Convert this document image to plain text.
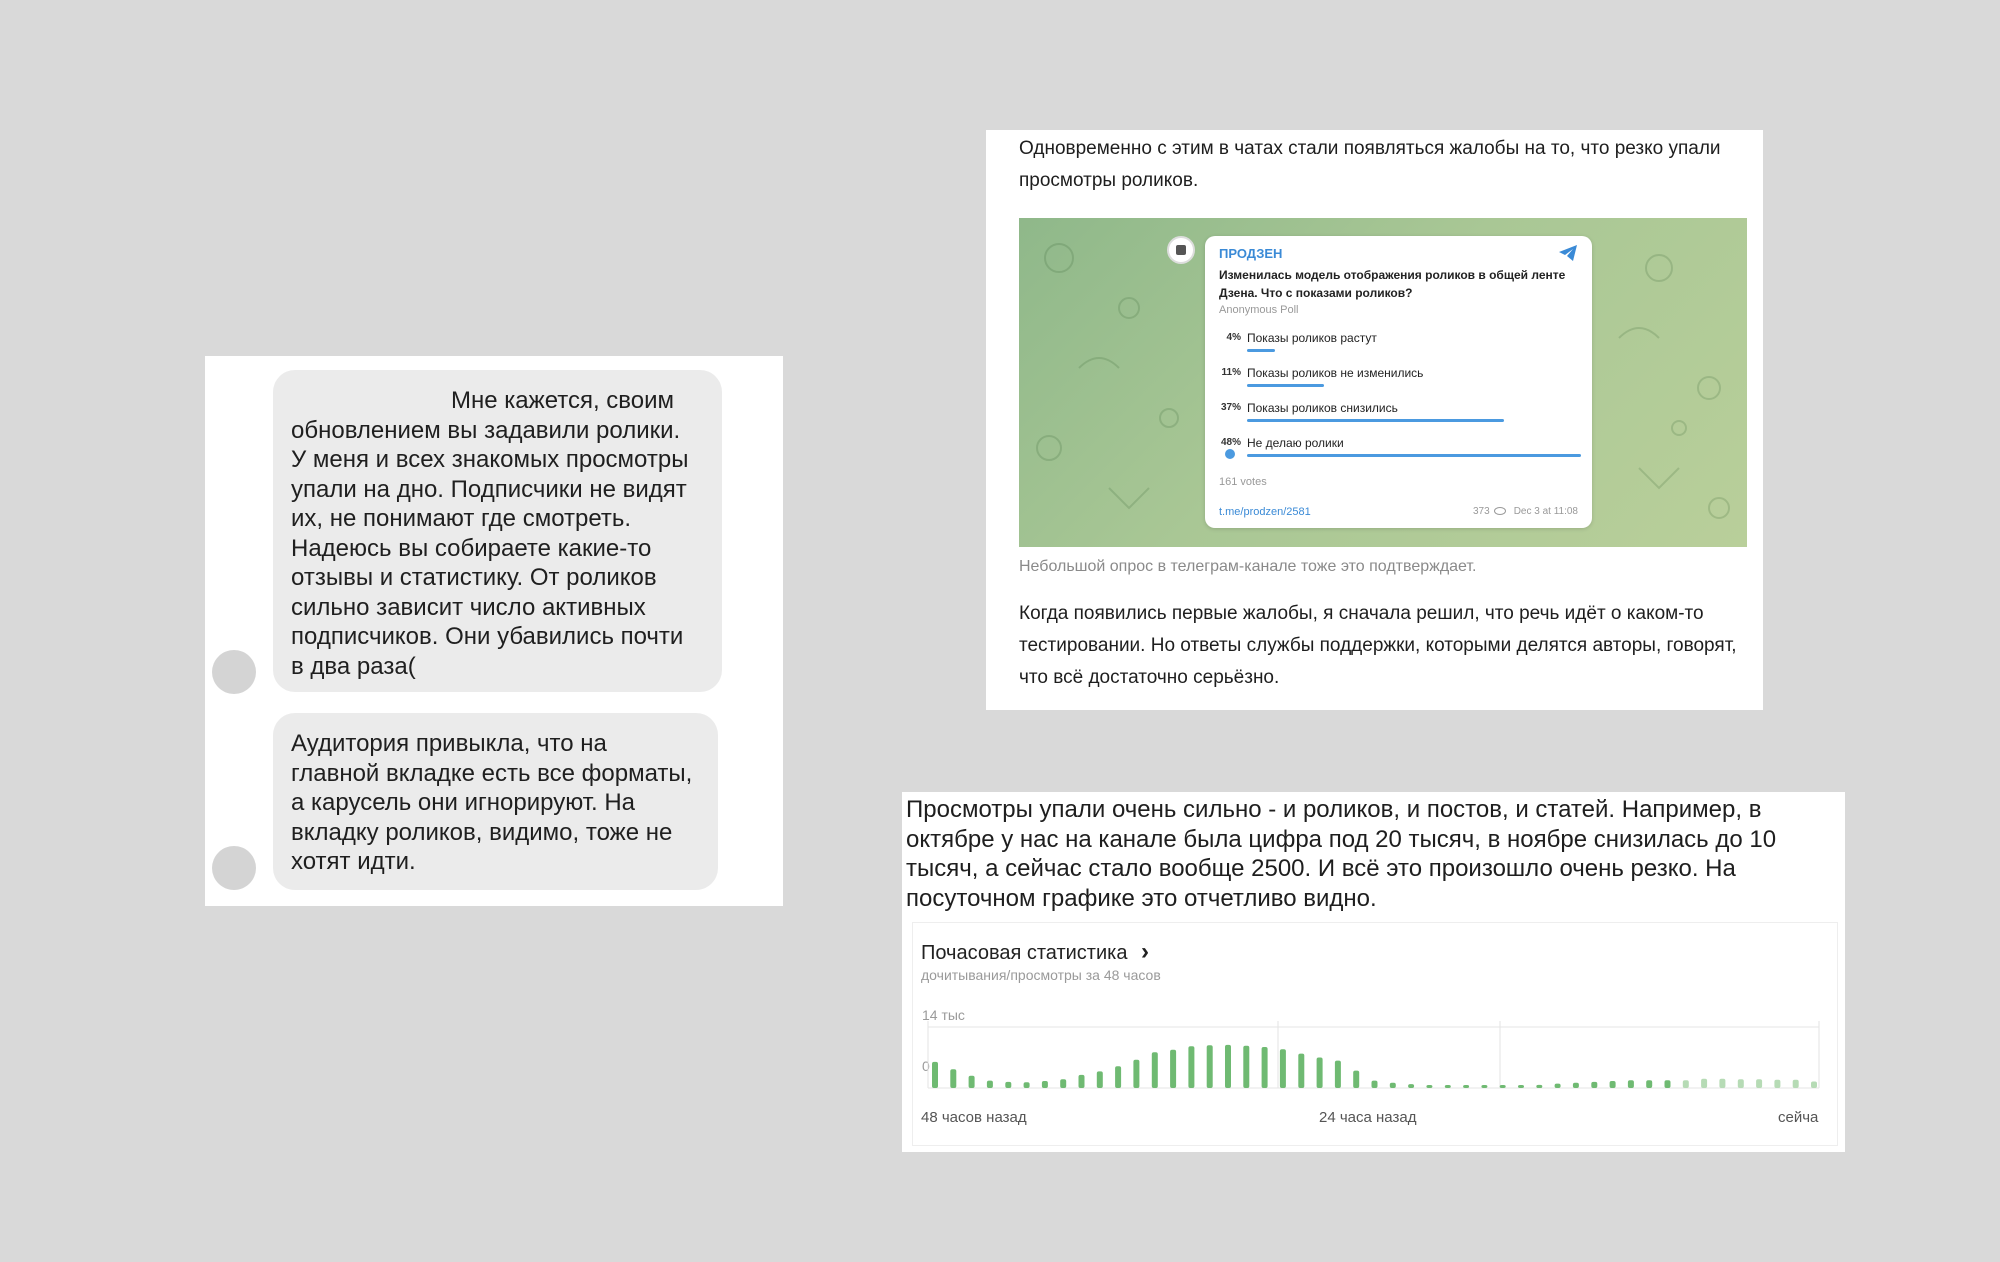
Мне кажется, своим
обновлением вы задавили ролики. У меня и всех знакомых просмотры упали на дно. Подписчики не видят их, не понимают где смотреть. Надеюсь вы собираете какие-то отзывы и статистику. От роликов сильно зависит число активных подписчиков. Они убавились почти в два раза(
Аудитория привыкла, что на главной вкладке есть все форматы, а карусель они игнорируют. На вкладку роликов, видимо, тоже не хотят идти.
Одновременно с этим в чатах стали появляться жалобы на то, что резко упали просмотры роликов.
ПРОДЗЕН
Изменилась модель отображения роликов в общей ленте Дзена. Что с показами роликов?
Anonymous Poll
4% Показы роликов растут
11% Показы роликов не изменились
37% Показы роликов снизились
48% Не делаю ролики
161 votes
t.me/prodzen/2581	373 Dec 3 at 11:08
Небольшой опрос в телеграм-канале тоже это подтверждает.
Когда появились первые жалобы, я сначала решил, что речь идёт о каком-то тестировании. Но ответы службы поддержки, которыми делятся авторы, говорят, что всё достаточно серьёзно.
Просмотры упали очень сильно - и роликов, и постов, и статей. Например, в октябре у нас на канале была цифра под 20 тысяч, в ноябре снизилась до 10 тысяч, а сейчас стало вообще 2500. И всё это произошло очень резко. На посуточном графике это отчетливо видно.
Почасовая статистика ›
дочитывания/просмотры за 48 часов
14 тыс
0
48 часов назад	24 часа назад	сейча
